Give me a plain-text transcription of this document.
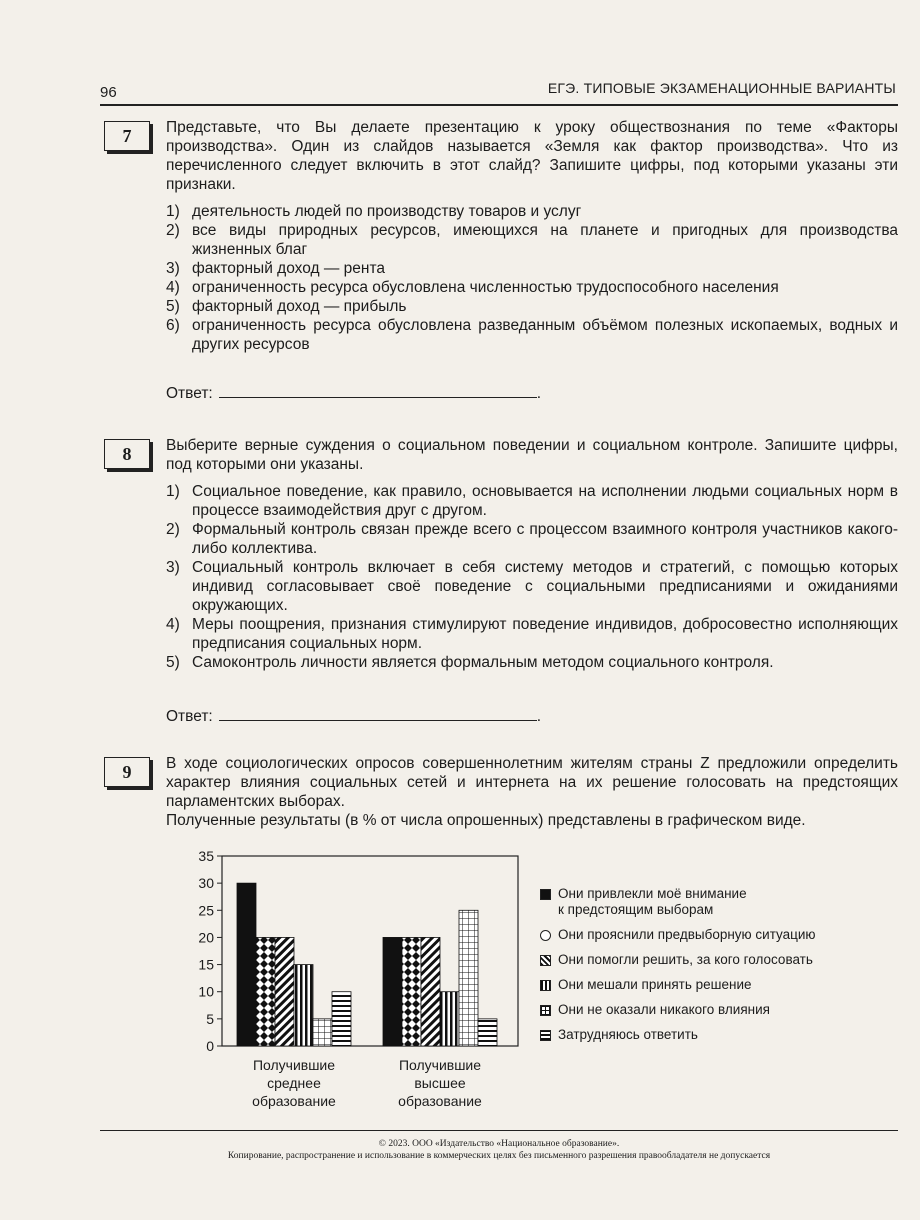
96	ЕГЭ. ТИПОВЫЕ ЭКЗАМЕНАЦИОННЫЕ ВАРИАНТЫ
7	Представьте, что Вы делаете презентацию к уроку обществознания по теме «Факторы производства». Один из слайдов называется «Земля как фактор производства». Что из перечисленного следует включить в этот слайд? Запишите цифры, под которыми указаны эти признаки.

1) деятельность людей по производству товаров и услуг
2) все виды природных ресурсов, имеющихся на планете и пригодных для производства жизненных благ
3) факторный доход — рента
4) ограниченность ресурса обусловлена численностью трудоспособного населения
5) факторный доход — прибыль
6) ограниченность ресурса обусловлена разведанным объёмом полезных ископаемых, водных и других ресурсов
Ответ:	.
8	Выберите верные суждения о социальном поведении и социальном контроле. Запишите цифры, под которыми они указаны.

1) Социальное поведение, как правило, основывается на исполнении людьми социальных норм в процессе взаимодействия друг с другом.
2) Формальный контроль связан прежде всего с процессом взаимного контроля участников какого-либо коллектива.
3) Социальный контроль включает в себя систему методов и стратегий, с помощью которых индивид согласовывает своё поведение с социальными предписаниями и ожиданиями окружающих.
4) Меры поощрения, признания стимулируют поведение индивидов, добросовестно исполняющих предписания социальных норм.
5) Самоконтроль личности является формальным методом социального контроля.
Ответ:	.
9	В ходе социологических опросов совершеннолетним жителям страны Z предложили определить характер влияния социальных сетей и интернета на их решение голосовать на предстоящих парламентских выборах.

Полученные результаты (в % от числа опрошенных) представлены в графическом виде.

0
5
10
15
20
25
30
35
Получившие
среднее
образование
Получившие
высшее
образование
Они привлекли моё внимание
к предстоящим выборам
Они прояснили предвыборную ситуацию
Они помогли решить, за кого голосовать
Они мешали принять решение
Они не оказали никакого влияния
Затрудняюсь ответить
© 2023. ООО «Издательство «Национальное образование».
Копирование, распространение и использование в коммерческих целях без письменного разрешения правообладателя не допускается
